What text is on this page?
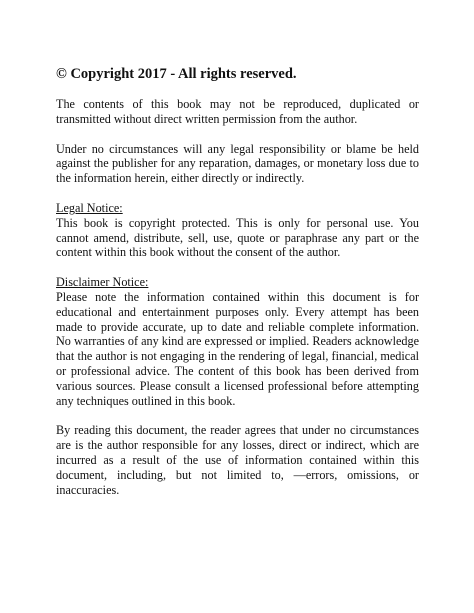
© Copyright 2017 - All rights reserved.

The contents of this book may not be reproduced, duplicated or transmitted without direct written permission from the author.

Under no circumstances will any legal responsibility or blame be held against the publisher for any reparation, damages, or monetary loss due to the information herein, either directly or indirectly.

Legal Notice:
This book is copyright protected. This is only for personal use. You cannot amend, distribute, sell, use, quote or paraphrase any part or the content within this book without the consent of the author.
Disclaimer Notice:
Please note the information contained within this document is for educational and entertainment purposes only. Every attempt has been made to provide accurate, up to date and reliable complete information. No warranties of any kind are expressed or implied. Readers acknowledge that the author is not engaging in the rendering of legal, financial, medical or professional advice. The content of this book has been derived from various sources. Please consult a licensed professional before attempting any techniques outlined in this book.

By reading this document, the reader agrees that under no circumstances are is the author responsible for any losses, direct or indirect, which are incurred as a result of the use of information contained within this document, including, but not limited to, —errors, omissions, or inaccuracies.
